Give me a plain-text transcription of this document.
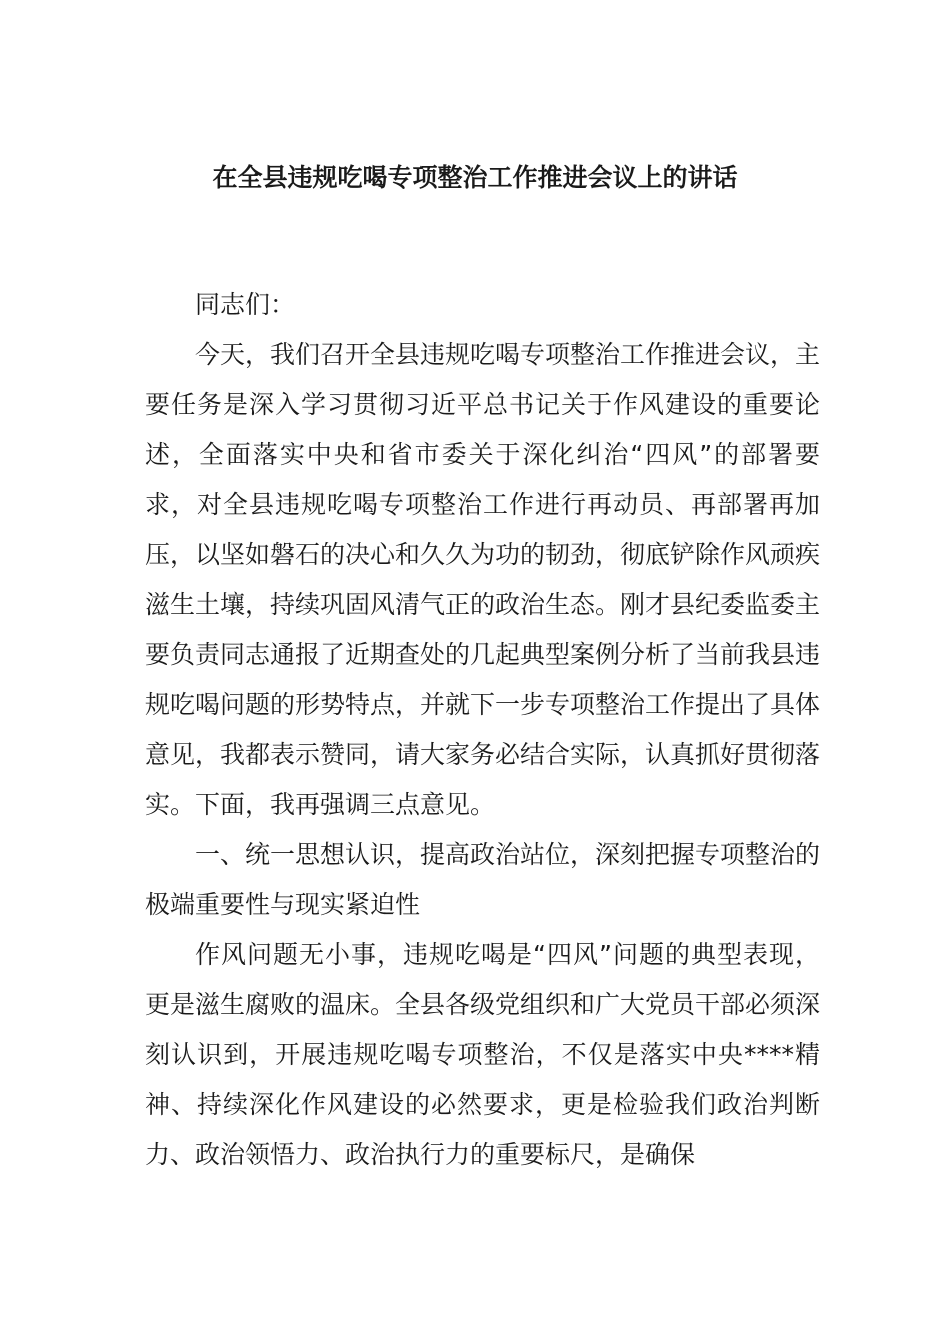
在全县违规吃喝专项整治工作推进会议上的讲话

同志们：

今天，我们召开全县违规吃喝专项整治工作推进会议，主要任务是深入学习贯彻习近平总书记关于作风建设的重要论述，全面落实中央和省市委关于深化纠治“四风”的部署要求，对全县违规吃喝专项整治工作进行再动员、再部署再加压，以坚如磐石的决心和久久为功的韧劲，彻底铲除作风顽疾滋生土壤，持续巩固风清气正的政治生态。刚才县纪委监委主要负责同志通报了近期查处的几起典型案例分析了当前我县违规吃喝问题的形势特点，并就下一步专项整治工作提出了具体意见，我都表示赞同，请大家务必结合实际，认真抓好贯彻落实。下面，我再强调三点意见。

一、统一思想认识，提高政治站位，深刻把握专项整治的极端重要性与现实紧迫性

作风问题无小事，违规吃喝是“四风”问题的典型表现，更是滋生腐败的温床。全县各级党组织和广大党员干部必须深刻认识到，开展违规吃喝专项整治，不仅是落实中央****精神、持续深化作风建设的必然要求，更是检验我们政治判断力、政治领悟力、政治执行力的重要标尺，是确保
